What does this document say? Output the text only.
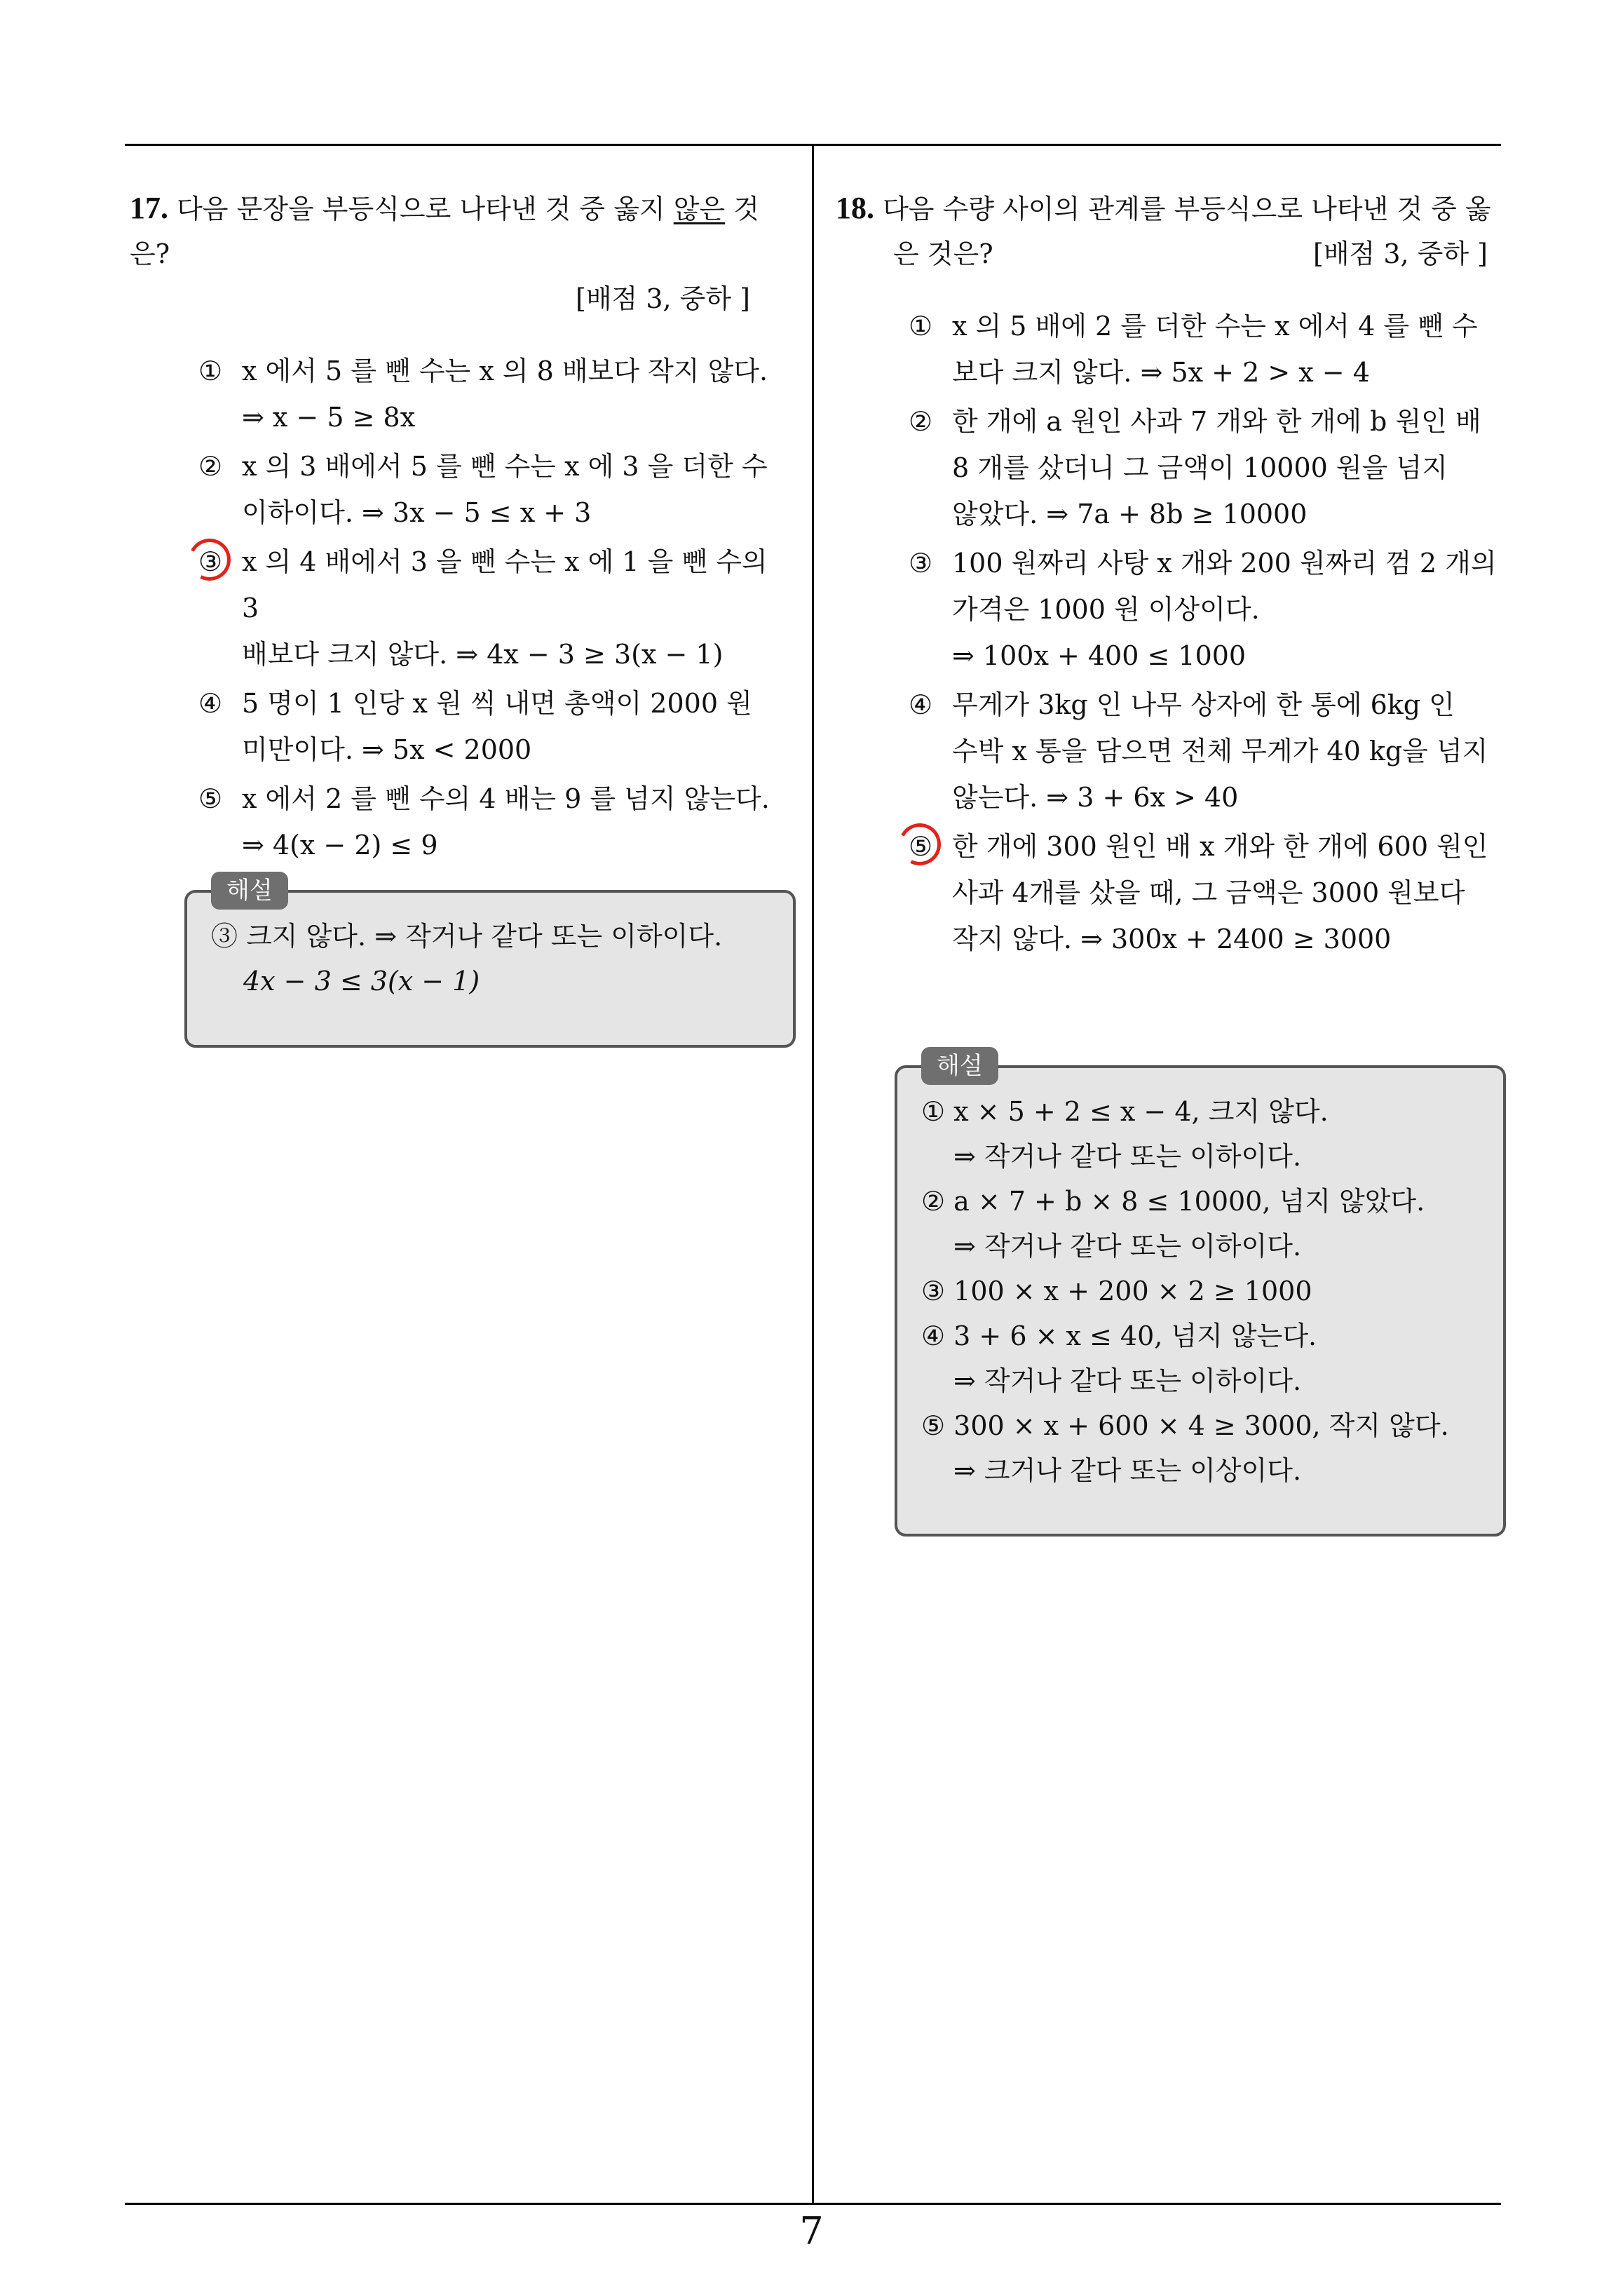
17. 다음 문장을 부등식으로 나타낸 것 중 옳지 않은 것은?
[배점 3, 중하 ]
① x 에서 5 를 뺀 수는 x 의 8 배보다 작지 않다.
⇒ x − 5 ≥ 8x
② x 의 3 배에서 5 를 뺀 수는 x 에 3 을 더한 수
이하이다. ⇒ 3x − 5 ≤ x + 3
③ x 의 4 배에서 3 을 뺀 수는 x 에 1 을 뺀 수의 3
배보다 크지 않다. ⇒ 4x − 3 ≥ 3(x − 1)
④ 5 명이 1 인당 x 원 씩 내면 총액이 2000 원
미만이다. ⇒ 5x < 2000
⑤ x 에서 2 를 뺀 수의 4 배는 9 를 넘지 않는다.
⇒ 4(x − 2) ≤ 9
해설
③ 크지 않다. ⇒ 작거나 같다 또는 이하이다.
4x − 3 ≤ 3(x − 1)
18. 다음 수량 사이의 관계를 부등식으로 나타낸 것 중 옳
은 것은?	[배점 3, 중하 ]
① x 의 5 배에 2 를 더한 수는 x 에서 4 를 뺀 수
보다 크지 않다. ⇒ 5x + 2 > x − 4
② 한 개에 a 원인 사과 7 개와 한 개에 b 원인 배
8 개를 샀더니 그 금액이 10000 원을 넘지
않았다. ⇒ 7a + 8b ≥ 10000
③ 100 원짜리 사탕 x 개와 200 원짜리 껌 2 개의
가격은 1000 원 이상이다.
⇒ 100x + 400 ≤ 1000
④ 무게가 3kg 인 나무 상자에 한 통에 6kg 인
수박 x 통을 담으면 전체 무게가 40 kg을 넘지
않는다. ⇒ 3 + 6x > 40
⑤ 한 개에 300 원인 배 x 개와 한 개에 600 원인
사과 4개를 샀을 때, 그 금액은 3000 원보다
작지 않다. ⇒ 300x + 2400 ≥ 3000
해설
① x × 5 + 2 ≤ x − 4, 크지 않다.
⇒ 작거나 같다 또는 이하이다.
② a × 7 + b × 8 ≤ 10000, 넘지 않았다.
⇒ 작거나 같다 또는 이하이다.
③ 100 × x + 200 × 2 ≥ 1000
④ 3 + 6 × x ≤ 40, 넘지 않는다.
⇒ 작거나 같다 또는 이하이다.
⑤ 300 × x + 600 × 4 ≥ 3000, 작지 않다.
⇒ 크거나 같다 또는 이상이다.
7
